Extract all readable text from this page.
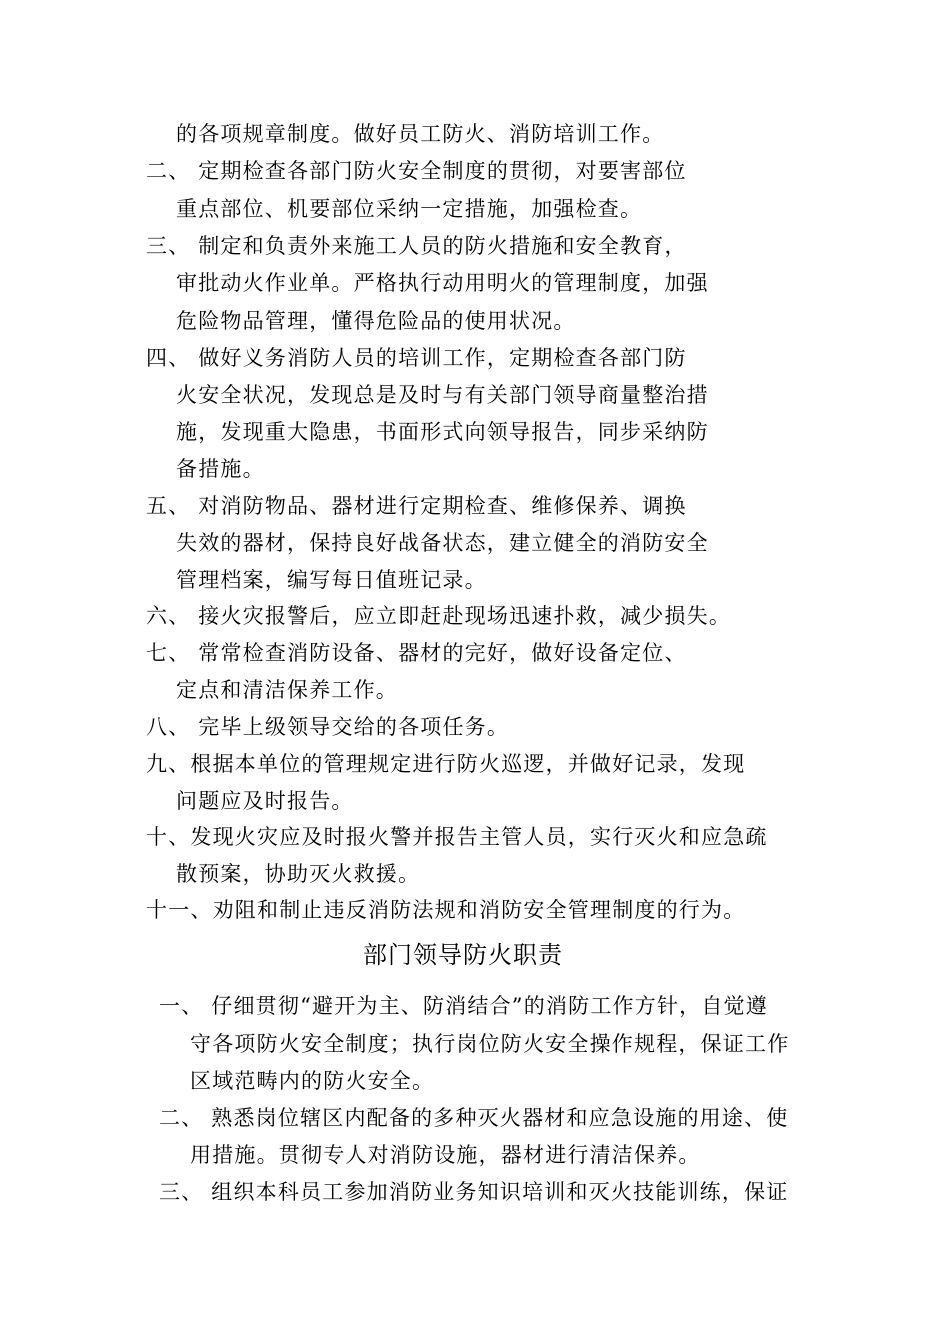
的各项规章制度。做好员工防火、消防培训工作。
二、 定期检查各部门防火安全制度的贯彻，对要害部位
重点部位、机要部位采纳一定措施，加强检查。
三、 制定和负责外来施工人员的防火措施和安全教育，
审批动火作业单。严格执行动用明火的管理制度，加强
危险物品管理，懂得危险品的使用状况。
四、 做好义务消防人员的培训工作，定期检查各部门防
火安全状况，发现总是及时与有关部门领导商量整治措
施，发现重大隐患，书面形式向领导报告，同步采纳防
备措施。
五、 对消防物品、器材进行定期检查、维修保养、调换
失效的器材，保持良好战备状态，建立健全的消防安全
管理档案，编写每日值班记录。
六、 接火灾报警后，应立即赶赴现场迅速扑救，减少损失。
七、 常常检查消防设备、器材的完好，做好设备定位、
定点和清洁保养工作。
八、 完毕上级领导交给的各项任务。
九、根据本单位的管理规定进行防火巡逻，并做好记录，发现
问题应及时报告。
十、发现火灾应及时报火警并报告主管人员，实行灭火和应急疏
散预案，协助灭火救援。
十一、劝阻和制止违反消防法规和消防安全管理制度的行为。
部门领导防火职责
一、 仔细贯彻“避开为主、防消结合”的消防工作方针，自觉遵
守各项防火安全制度；执行岗位防火安全操作规程，保证工作
区域范畴内的防火安全。
二、 熟悉岗位辖区内配备的多种灭火器材和应急设施的用途、使
用措施。贯彻专人对消防设施，器材进行清洁保养。
三、 组织本科员工参加消防业务知识培训和灭火技能训练，保证
